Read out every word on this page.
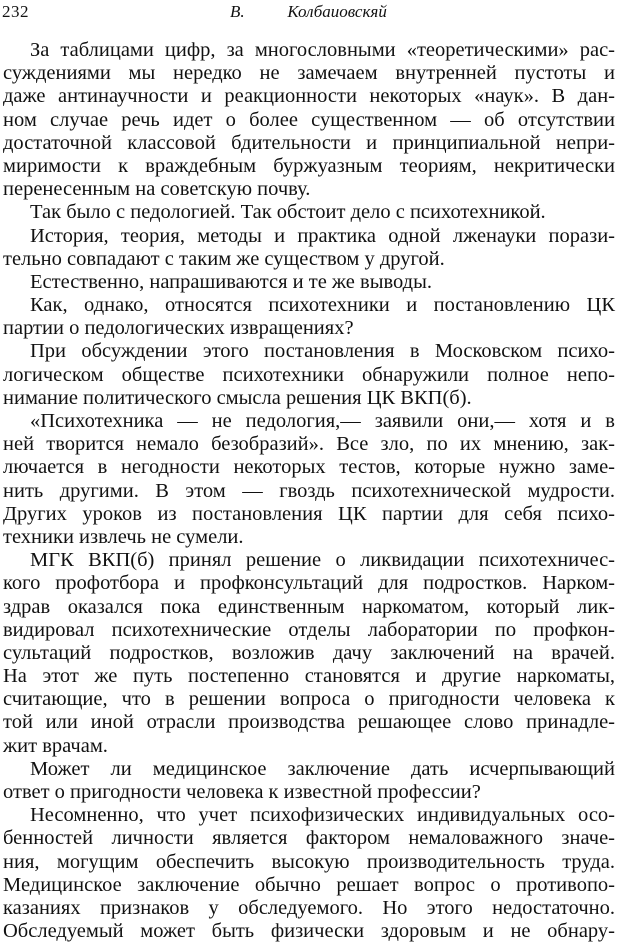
232	В.   Колбаиовскяй
За таблицами цифр, за многословными «теоретическими» рас-
суждениями мы нередко не замечаем внутренней пустоты и
даже антинаучности и реакционности некоторых «наук». В дан-
ном случае речь идет о более существенном — об отсутствии
достаточной классовой бдительности и принципиальной непри-
миримости к враждебным буржуазным теориям, некритически
перенесенным на советскую почву.
Так было с педологией. Так обстоит дело с психотехникой.
История, теория, методы и практика одной лженауки порази-
тельно совпадают с таким же существом у другой.
Естественно, напрашиваются и те же выводы.
Как, однако, относятся психотехники и постановлению ЦК
партии о педологических извращениях?
При обсуждении этого постановления в Московском психо-
логическом обществе психотехники обнаружили полное непо-
нимание политического смысла решения ЦК ВКП(б).
«Психотехника — не педология,— заявили они,— хотя и в
ней творится немало безобразий». Все зло, по их мнению, зак-
лючается в негодности некоторых тестов, которые нужно заме-
нить другими. В этом — гвоздь психотехнической мудрости.
Других уроков из постановления ЦК партии для себя психо-
техники извлечь не сумели.
МГК ВКП(б) принял решение о ликвидации психотехничес-
кого профотбора и профконсультаций для подростков. Нарком-
здрав оказался пока единственным наркоматом, который лик-
видировал психотехнические отделы лаборатории по профкон-
сультаций подростков, возложив дачу заключений на врачей.
На этот же путь постепенно становятся и другие наркоматы,
считающие, что в решении вопроса о пригодности человека к
той или иной отрасли производства решающее слово принадле-
жит врачам.
Может ли медицинское заключение дать исчерпывающий
ответ о пригодности человека к известной профессии?
Несомненно, что учет психофизических индивидуальных осо-
бенностей личности является фактором немаловажного значе-
ния, могущим обеспечить высокую производительность труда.
Медицинское заключение обычно решает вопрос о противопо-
казаниях признаков у обследуемого. Но этого недостаточно.
Обследуемый может быть физически здоровым и не обнару-
